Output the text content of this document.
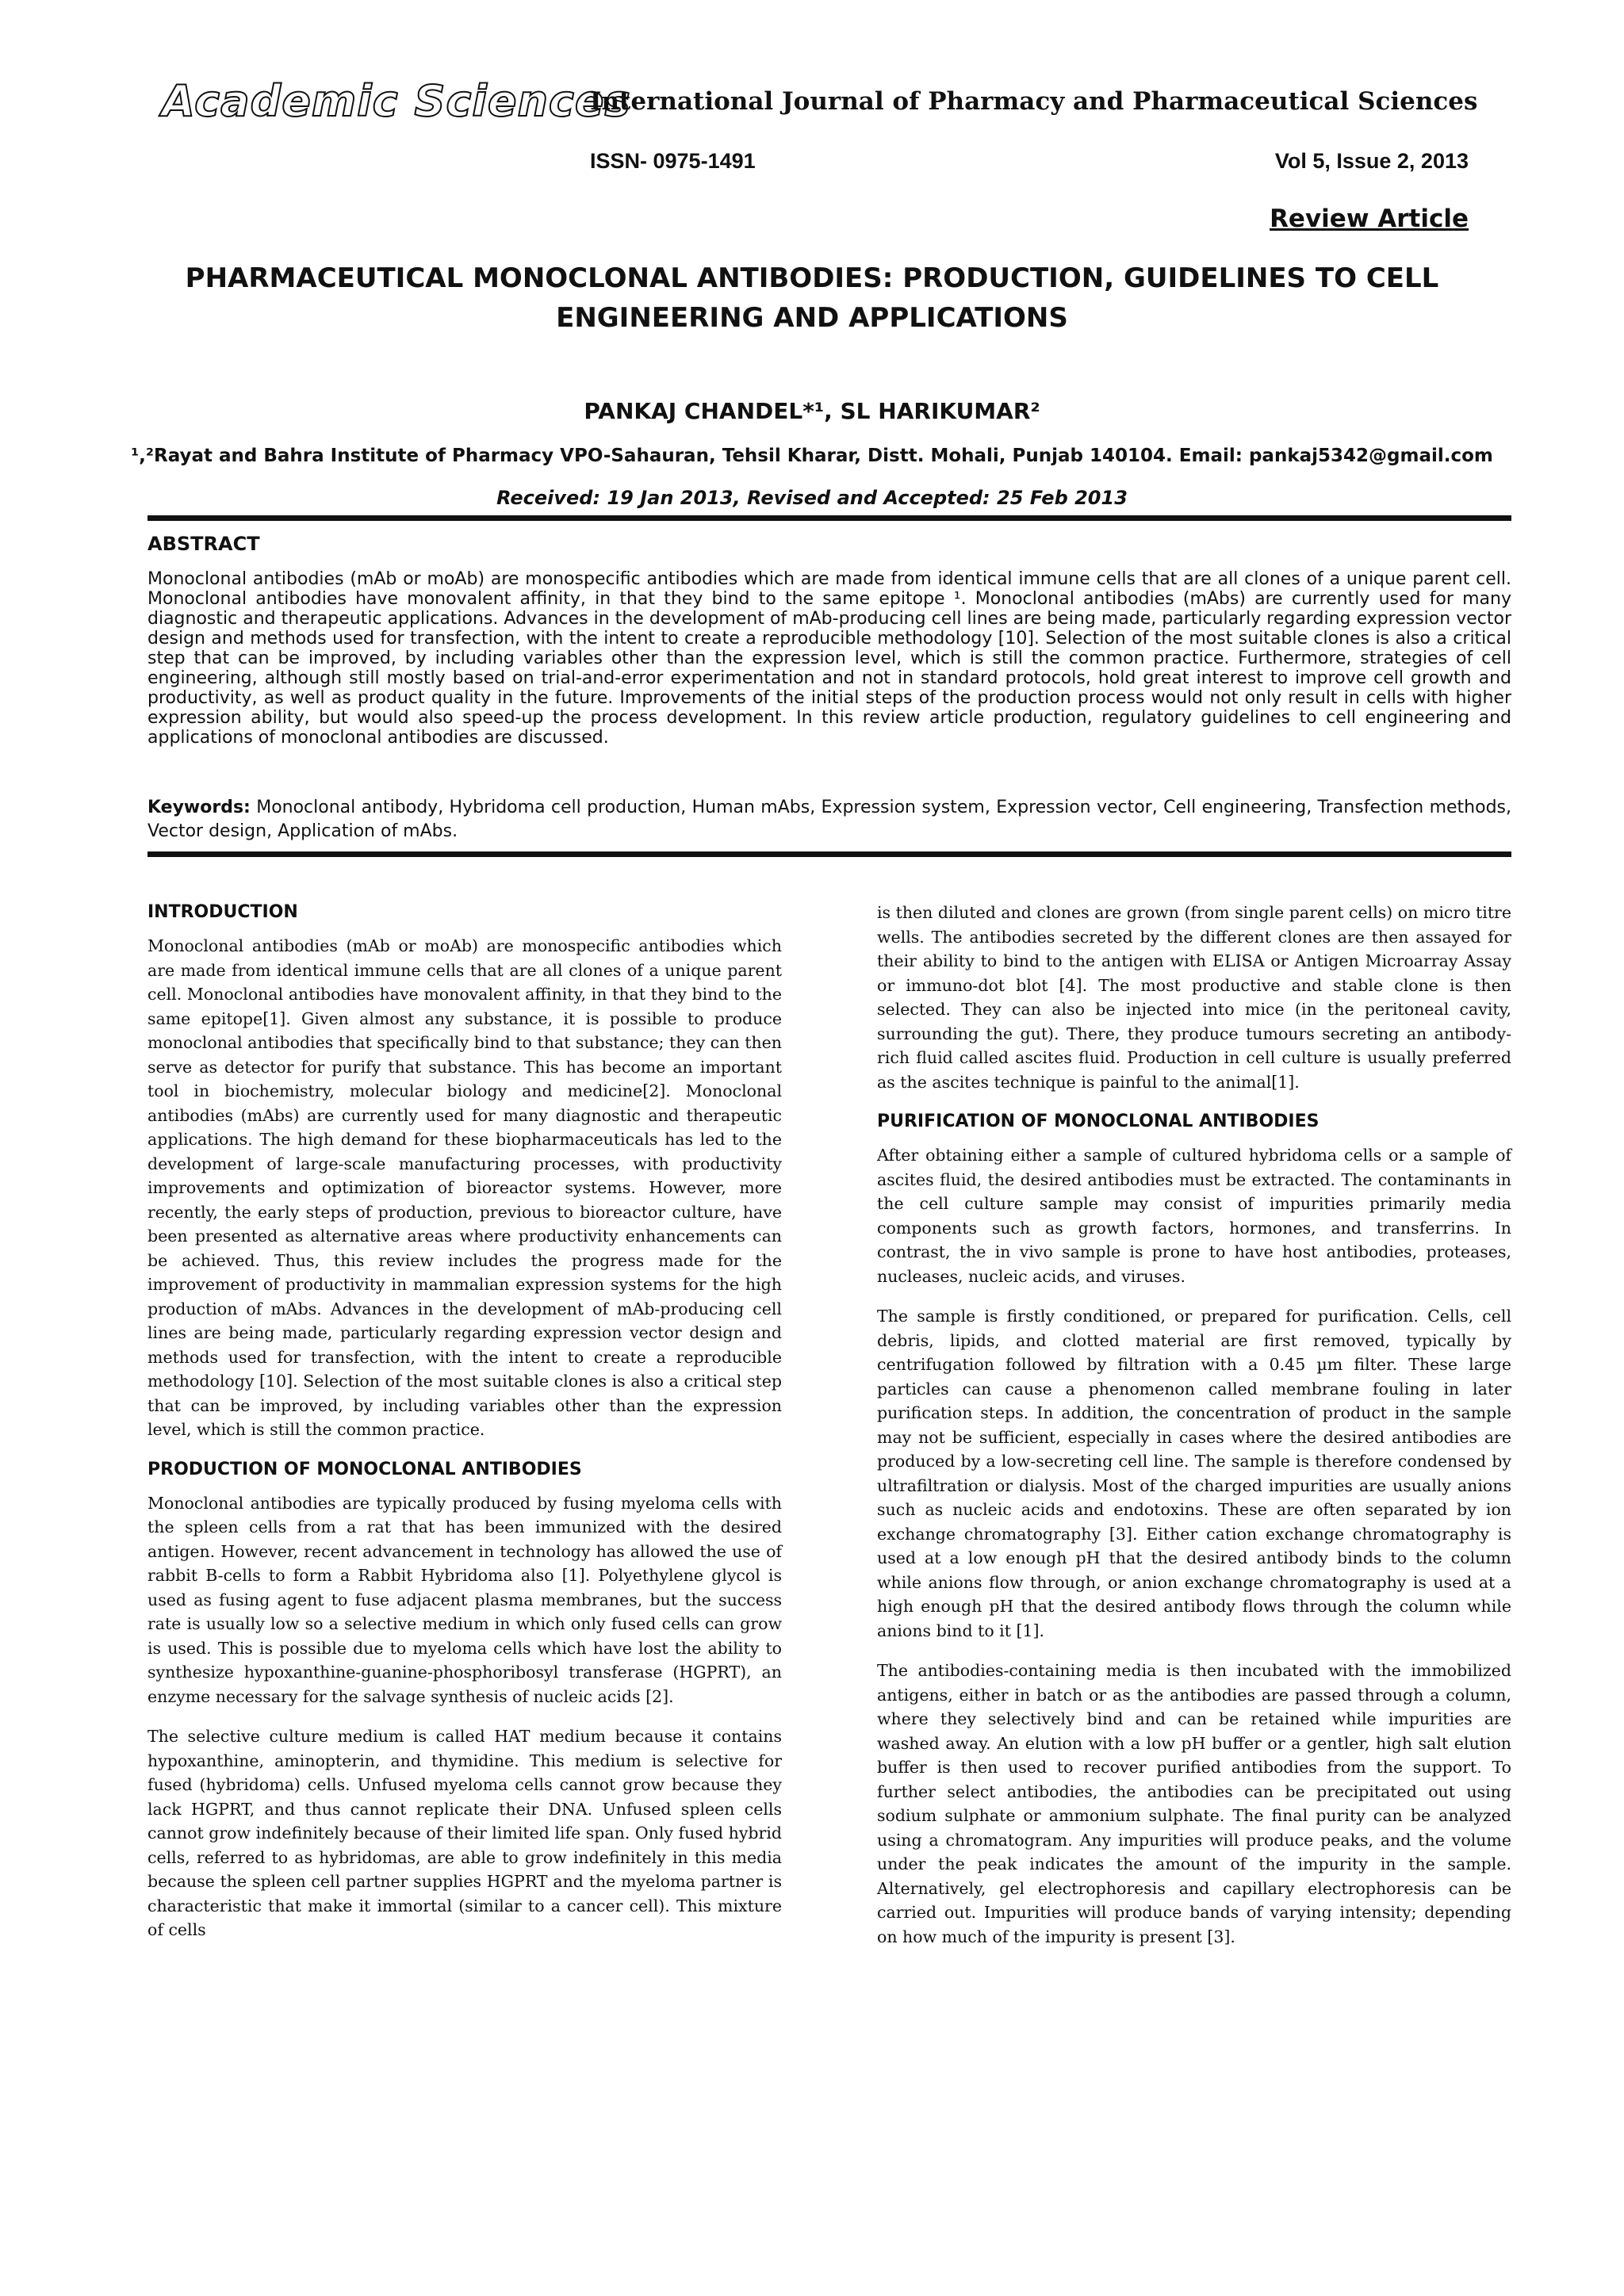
Academic Sciences
International Journal of Pharmacy and Pharmaceutical Sciences
ISSN- 0975-1491	Vol 5, Issue 2, 2013
Review Article
PHARMACEUTICAL MONOCLONAL ANTIBODIES: PRODUCTION, GUIDELINES TO CELL ENGINEERING AND APPLICATIONS
PANKAJ CHANDEL*¹, SL HARIKUMAR²
¹,²Rayat and Bahra Institute of Pharmacy VPO-Sahauran, Tehsil Kharar, Distt. Mohali, Punjab 140104. Email: pankaj5342@gmail.com
Received: 19 Jan 2013, Revised and Accepted: 25 Feb 2013
ABSTRACT
Monoclonal antibodies (mAb or moAb) are monospecific antibodies which are made from identical immune cells that are all clones of a unique parent cell. Monoclonal antibodies have monovalent affinity, in that they bind to the same epitope ¹. Monoclonal antibodies (mAbs) are currently used for many diagnostic and therapeutic applications. Advances in the development of mAb-producing cell lines are being made, particularly regarding expression vector design and methods used for transfection, with the intent to create a reproducible methodology [10]. Selection of the most suitable clones is also a critical step that can be improved, by including variables other than the expression level, which is still the common practice. Furthermore, strategies of cell engineering, although still mostly based on trial-and-error experimentation and not in standard protocols, hold great interest to improve cell growth and productivity, as well as product quality in the future. Improvements of the initial steps of the production process would not only result in cells with higher expression ability, but would also speed-up the process development. In this review article production, regulatory guidelines to cell engineering and applications of monoclonal antibodies are discussed.
Keywords: Monoclonal antibody, Hybridoma cell production, Human mAbs, Expression system, Expression vector, Cell engineering, Transfection methods, Vector design, Application of mAbs.
INTRODUCTION

Monoclonal antibodies (mAb or moAb) are monospecific antibodies which are made from identical immune cells that are all clones of a unique parent cell. Monoclonal antibodies have monovalent affinity, in that they bind to the same epitope[1]. Given almost any substance, it is possible to produce monoclonal antibodies that specifically bind to that substance; they can then serve as detector for purify that substance. This has become an important tool in biochemistry, molecular biology and medicine[2]. Monoclonal antibodies (mAbs) are currently used for many diagnostic and therapeutic applications. The high demand for these biopharmaceuticals has led to the development of large-scale manufacturing processes, with productivity improvements and optimization of bioreactor systems. However, more recently, the early steps of production, previous to bioreactor culture, have been presented as alternative areas where productivity enhancements can be achieved. Thus, this review includes the progress made for the improvement of productivity in mammalian expression systems for the high production of mAbs. Advances in the development of mAb-producing cell lines are being made, particularly regarding expression vector design and methods used for transfection, with the intent to create a reproducible methodology [10]. Selection of the most suitable clones is also a critical step that can be improved, by including variables other than the expression level, which is still the common practice.

PRODUCTION OF MONOCLONAL ANTIBODIES

Monoclonal antibodies are typically produced by fusing myeloma cells with the spleen cells from a rat that has been immunized with the desired antigen. However, recent advancement in technology has allowed the use of rabbit B-cells to form a Rabbit Hybridoma also [1]. Polyethylene glycol is used as fusing agent to fuse adjacent plasma membranes, but the success rate is usually low so a selective medium in which only fused cells can grow is used. This is possible due to myeloma cells which have lost the ability to synthesize hypoxanthine-guanine-phosphoribosyl transferase (HGPRT), an enzyme necessary for the salvage synthesis of nucleic acids [2].

The selective culture medium is called HAT medium because it contains hypoxanthine, aminopterin, and thymidine. This medium is selective for fused (hybridoma) cells. Unfused myeloma cells cannot grow because they lack HGPRT, and thus cannot replicate their DNA. Unfused spleen cells cannot grow indefinitely because of their limited life span. Only fused hybrid cells, referred to as hybridomas, are able to grow indefinitely in this media because the spleen cell partner supplies HGPRT and the myeloma partner is characteristic that make it immortal (similar to a cancer cell). This mixture of cells

is then diluted and clones are grown (from single parent cells) on micro titre wells. The antibodies secreted by the different clones are then assayed for their ability to bind to the antigen with ELISA or Antigen Microarray Assay or immuno-dot blot [4]. The most productive and stable clone is then selected. They can also be injected into mice (in the peritoneal cavity, surrounding the gut). There, they produce tumours secreting an antibody-rich fluid called ascites fluid. Production in cell culture is usually preferred as the ascites technique is painful to the animal[1].

PURIFICATION OF MONOCLONAL ANTIBODIES

After obtaining either a sample of cultured hybridoma cells or a sample of ascites fluid, the desired antibodies must be extracted. The contaminants in the cell culture sample may consist of impurities primarily media components such as growth factors, hormones, and transferrins. In contrast, the in vivo sample is prone to have host antibodies, proteases, nucleases, nucleic acids, and viruses.

The sample is firstly conditioned, or prepared for purification. Cells, cell debris, lipids, and clotted material are first removed, typically by centrifugation followed by filtration with a 0.45 µm filter. These large particles can cause a phenomenon called membrane fouling in later purification steps. In addition, the concentration of product in the sample may not be sufficient, especially in cases where the desired antibodies are produced by a low-secreting cell line. The sample is therefore condensed by ultrafiltration or dialysis. Most of the charged impurities are usually anions such as nucleic acids and endotoxins. These are often separated by ion exchange chromatography [3]. Either cation exchange chromatography is used at a low enough pH that the desired antibody binds to the column while anions flow through, or anion exchange chromatography is used at a high enough pH that the desired antibody flows through the column while anions bind to it [1].

The antibodies-containing media is then incubated with the immobilized antigens, either in batch or as the antibodies are passed through a column, where they selectively bind and can be retained while impurities are washed away. An elution with a low pH buffer or a gentler, high salt elution buffer is then used to recover purified antibodies from the support. To further select antibodies, the antibodies can be precipitated out using sodium sulphate or ammonium sulphate. The final purity can be analyzed using a chromatogram. Any impurities will produce peaks, and the volume under the peak indicates the amount of the impurity in the sample. Alternatively, gel electrophoresis and capillary electrophoresis can be carried out. Impurities will produce bands of varying intensity; depending on how much of the impurity is present [3].
